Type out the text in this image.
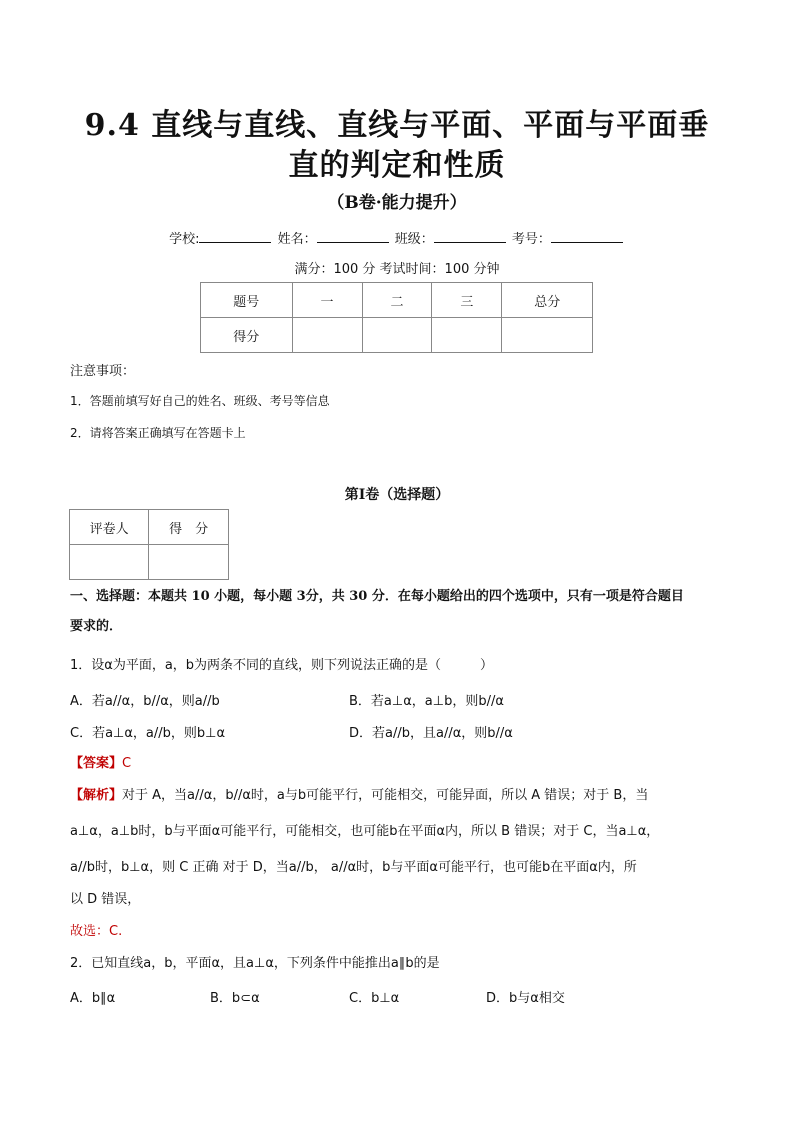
9.4 直线与直线、直线与平面、平面与平面垂
直的判定和性质
（B卷·能力提升）
学校:	姓名：	班级：	考号：
满分：100 分 考试时间：100 分钟
题号	一	二	三	总分
得分				
注意事项：
1．答题前填写好自己的姓名、班级、考号等信息
2．请将答案正确填写在答题卡上
第Ⅰ卷（选择题）
评卷人	得　分

一、选择题：本题共 10 小题，每小题 3分，共 30 分．在每小题给出的四个选项中，只有一项是符合题目
要求的．
1．设α为平面，a，b为两条不同的直线，则下列说法正确的是（　　　）
A．若a//α，b//α，则a//b	B．若a⊥α，a⊥b，则b//α
C．若a⊥α，a//b，则b⊥α	D．若a//b，且a//α，则b//α
【答案】C
【解析】对于 A，当a//α，b//α时，a与b可能平行，可能相交，可能异面，所以 A 错误；对于 B，当
a⊥α，a⊥b时，b与平面α可能平行，可能相交，也可能b在平面α内，所以 B 错误；对于 C，当a⊥α，
a//b时，b⊥α，则 C 正确 对于 D，当a//b， a//α时，b与平面α可能平行，也可能b在平面α内，所
以 D 错误，
故选：C.
2．已知直线a，b，平面α，且a⊥α，下列条件中能推出a∥b的是
A．b∥α	B．b⊂α	C．b⊥α	D．b与α相交
